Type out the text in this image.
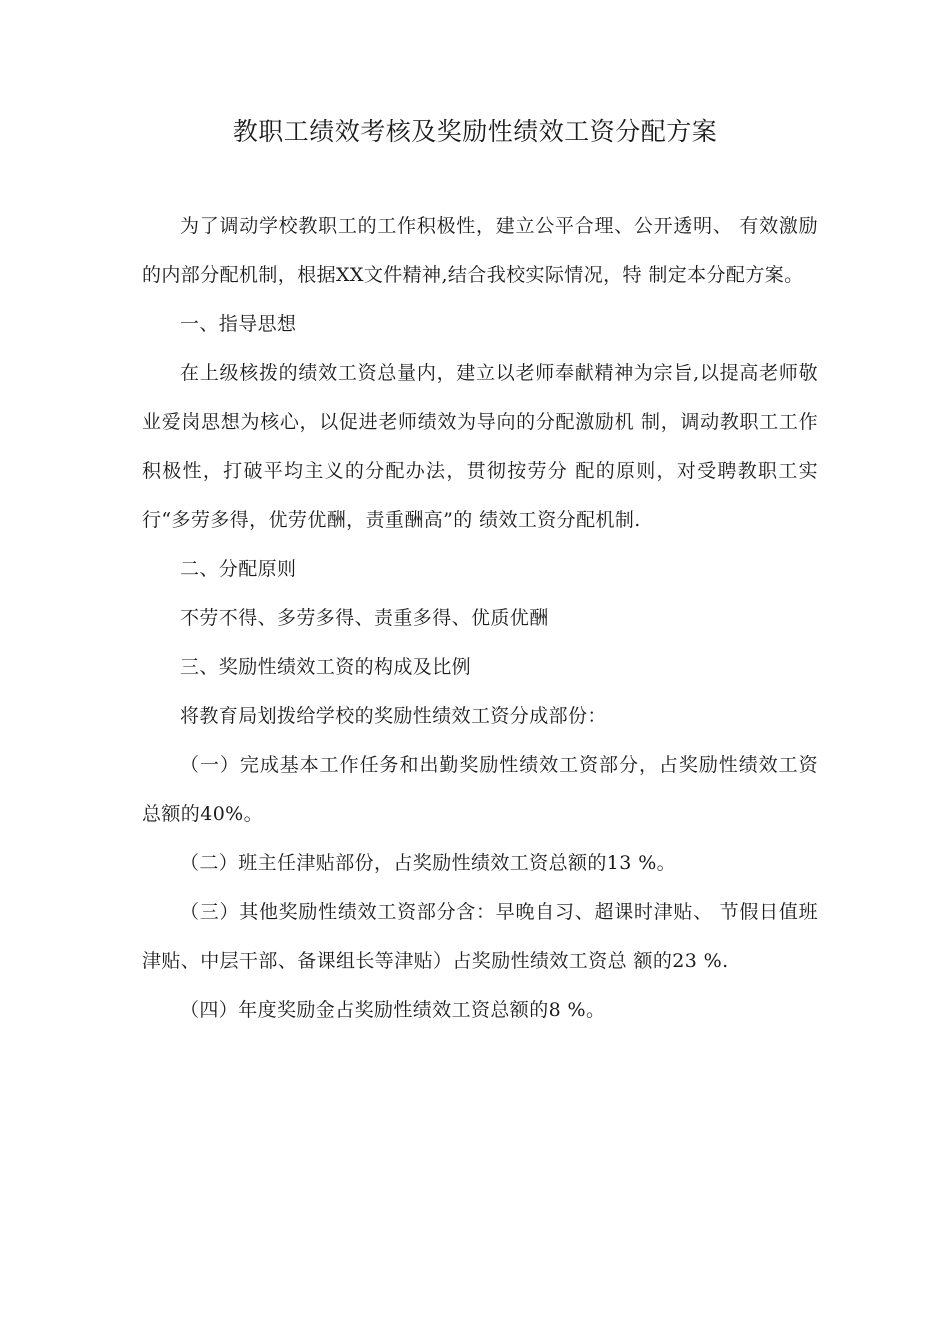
教职工绩效考核及奖励性绩效工资分配方案

为了调动学校教职工的工作积极性，建立公平合理、公开透明、 有效激励的内部分配机制，根据XX文件精神,结合我校实际情况，特 制定本分配方案。

一、指导思想

在上级核拨的绩效工资总量内，建立以老师奉献精神为宗旨,以提高老师敬业爱岗思想为核心，以促进老师绩效为导向的分配激励机 制，调动教职工工作积极性，打破平均主义的分配办法，贯彻按劳分 配的原则，对受聘教职工实行“多劳多得，优劳优酬，责重酬高”的 绩效工资分配机制.

二、分配原则

不劳不得、多劳多得、责重多得、优质优酬

三、奖励性绩效工资的构成及比例

将教育局划拨给学校的奖励性绩效工资分成部份：

（一）完成基本工作任务和出勤奖励性绩效工资部分，占奖励性绩效工资总额的40%。

（二）班主任津贴部份，占奖励性绩效工资总额的13 %。

（三）其他奖励性绩效工资部分含：早晚自习、超课时津贴、 节假日值班津贴、中层干部、备课组长等津贴）占奖励性绩效工资总 额的23 %.

（四）年度奖励金占奖励性绩效工资总额的8 %。
